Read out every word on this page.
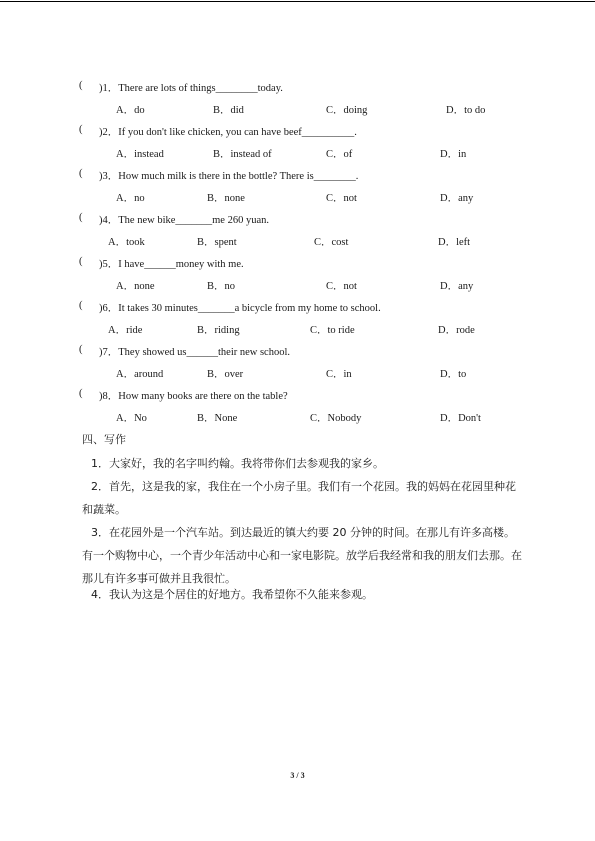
( )1．There are lots of things________today.
A．do	B．did	C．doing	D．to do
( )2．If you don't like chicken, you can have beef__________.
A．instead	B．instead of	C．of	D．in
( )3．How much milk is there in the bottle? There is________.
A．no	B．none	C．not	D．any
( )4．The new bike_______me 260 yuan.
A．took	B．spent	C．cost	D．left
( )5．I have______money with me.
A．none	B．no	C．not	D．any
( )6．It takes 30 minutes_______a bicycle from my home to school.
A．ride	B．riding	C．to ride	D．rode
( )7．They showed us______their new school.
A．around	B．over	C．in	D．to
( )8．How many books are there on the table?
A．No	B．None	C．Nobody	D．Don't
四、写作
1．大家好，我的名字叫约翰。我将带你们去参观我的家乡。
2．首先，这是我的家，我住在一个小房子里。我们有一个花园。我的妈妈在花园里种花
和蔬菜。
3．在花园外是一个汽车站。到达最近的镇大约要 20 分钟的时间。在那儿有许多高楼。
有一个购物中心，一个青少年活动中心和一家电影院。放学后我经常和我的朋友们去那。在
那儿有许多事可做并且我很忙。
4．我认为这是个居住的好地方。我希望你不久能来参观。
3 / 3
